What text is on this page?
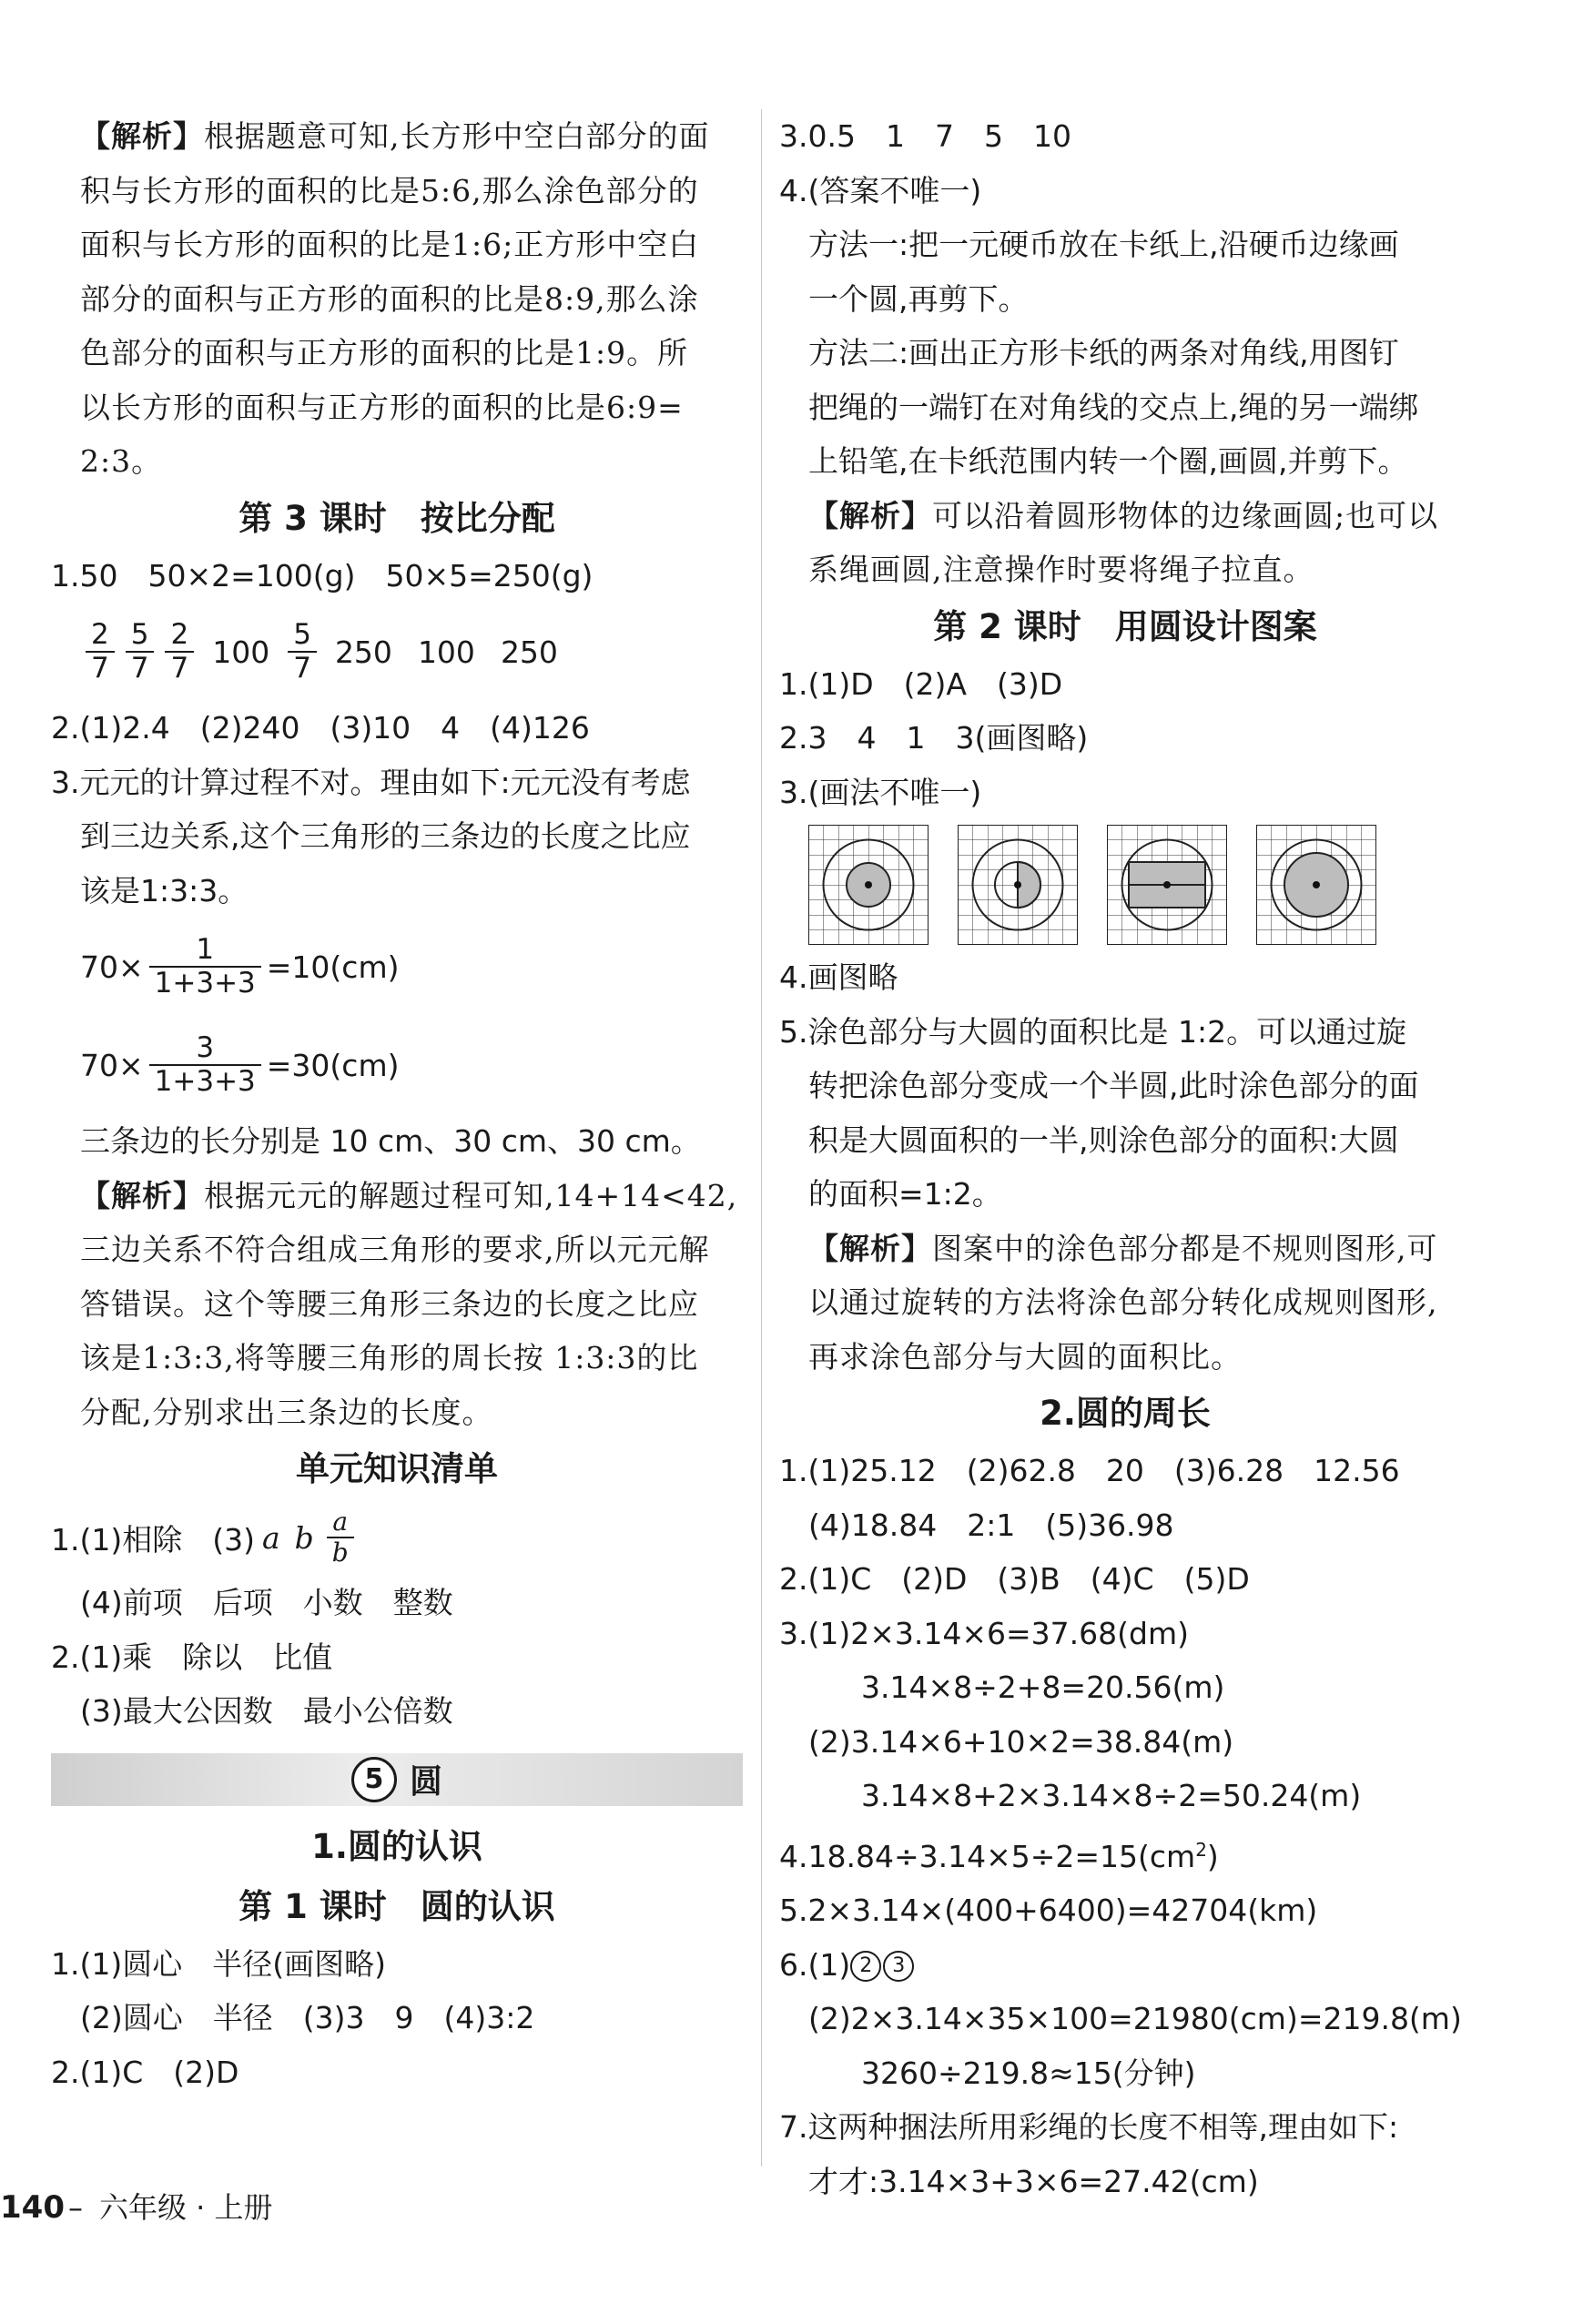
【解析】根据题意可知,长方形中空白部分的面
积与长方形的面积的比是5:6,那么涂色部分的
面积与长方形的面积的比是1:6;正方形中空白
部分的面积与正方形的面积的比是8:9,那么涂
色部分的面积与正方形的面积的比是1:9。所
以长方形的面积与正方形的面积的比是6:9=
2:3。
第 3 课时　按比分配
1.50　50×2=100(g)　50×5=250(g)
$\frac{2}{7} \frac{5}{7} \frac{2}{7} 100 \frac{5}{7} 250$ 100 250
2.(1)2.4　(2)240　(3)10　4　(4)126
3.元元的计算过程不对。理由如下:元元没有考虑
到三边关系,这个三角形的三条边的长度之比应
该是1:3:3。
$70\times \frac{1}{1+3+3} =10(cm)$
$70\times \frac{3}{1+3+3} =30(cm)$
三条边的长分别是 10 cm、30 cm、30 cm。
【解析】根据元元的解题过程可知,14+14<42,
三边关系不符合组成三角形的要求,所以元元解
答错误。这个等腰三角形三条边的长度之比应
该是1:3:3,将等腰三角形的周长按 1:3:3的比
分配,分别求出三条边的长度。
单元知识清单
1.(1)相除　(3) a b $\frac{a}{b}$
(4)前项　后项　小数　整数
2.(1)乘　除以　比值
(3)最大公因数　最小公倍数
5 圆
1.圆的认识
第 1 课时　圆的认识
1.(1)圆心　半径(画图略)
(2)圆心　半径　(3)3　9　(4)3:2
2.(1)C　(2)D
3.0.5　1　7　5　10
4.(答案不唯一)
方法一:把一元硬币放在卡纸上,沿硬币边缘画
一个圆,再剪下。
方法二:画出正方形卡纸的两条对角线,用图钉
把绳的一端钉在对角线的交点上,绳的另一端绑
上铅笔,在卡纸范围内转一个圈,画圆,并剪下。
【解析】可以沿着圆形物体的边缘画圆;也可以
系绳画圆,注意操作时要将绳子拉直。
第 2 课时　用圆设计图案
1.(1)D　(2)A　(3)D
2.3　4　1　3(画图略)
3.(画法不唯一)
4.画图略
5.涂色部分与大圆的面积比是 1:2。可以通过旋
转把涂色部分变成一个半圆,此时涂色部分的面
积是大圆面积的一半,则涂色部分的面积:大圆
的面积=1:2。
【解析】图案中的涂色部分都是不规则图形,可
以通过旋转的方法将涂色部分转化成规则图形,
再求涂色部分与大圆的面积比。
2.圆的周长
1.(1)25.12　(2)62.8　20　(3)6.28　12.56
(4)18.84　2:1　(5)36.98
2.(1)C　(2)D　(3)B　(4)C　(5)D
3.(1)2×3.14×6=37.68(dm)
3.14×8÷2+8=20.56(m)
(2)3.14×6+10×2=38.84(m)
3.14×8+2×3.14×8÷2=50.24(m)
$4.18.84\div 3.14\times 5\div 2=15(cm^2)$
5.2×3.14×(400+6400)=42704(km)
6.(1) 2 3
(2)2×3.14×35×100=21980(cm)=219.8(m)
3260÷219.8≈15(分钟)
7.这两种捆法所用彩绳的长度不相等,理由如下:
才才:3.14×3+3×6=27.42(cm)
140 – 六年级 · 上册
